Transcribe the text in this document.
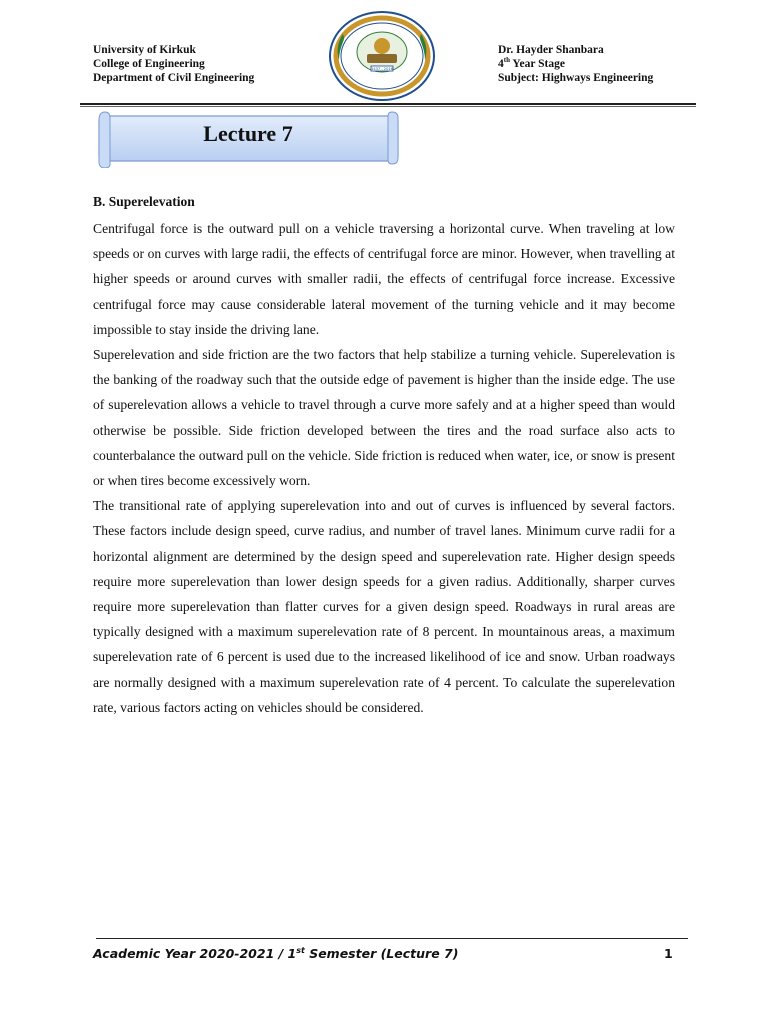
University of Kirkuk
College of Engineering
Department of Civil Engineering
1437 - 2016
Dr. Hayder Shanbara
4th Year Stage
Subject: Highways Engineering
Lecture 7
B. Superelevation

Centrifugal force is the outward pull on a vehicle traversing a horizontal curve. When traveling at low speeds or on curves with large radii, the effects of centrifugal force are minor. However, when travelling at higher speeds or around curves with smaller radii, the effects of centrifugal force increase. Excessive centrifugal force may cause considerable lateral movement of the turning vehicle and it may become impossible to stay inside the driving lane.

Superelevation and side friction are the two factors that help stabilize a turning vehicle. Superelevation is the banking of the roadway such that the outside edge of pavement is higher than the inside edge. The use of superelevation allows a vehicle to travel through a curve more safely and at a higher speed than would otherwise be possible. Side friction developed between the tires and the road surface also acts to counterbalance the outward pull on the vehicle. Side friction is reduced when water, ice, or snow is present or when tires become excessively worn.

The transitional rate of applying superelevation into and out of curves is influenced by several factors. These factors include design speed, curve radius, and number of travel lanes. Minimum curve radii for a horizontal alignment are determined by the design speed and superelevation rate. Higher design speeds require more superelevation than lower design speeds for a given radius. Additionally, sharper curves require more superelevation than flatter curves for a given design speed. Roadways in rural areas are typically designed with a maximum superelevation rate of 8 percent. In mountainous areas, a maximum superelevation rate of 6 percent is used due to the increased likelihood of ice and snow. Urban roadways are normally designed with a maximum superelevation rate of 4 percent. To calculate the superelevation rate, various factors acting on vehicles should be considered.

Academic Year 2020-2021 / 1st Semester (Lecture 7)	1
